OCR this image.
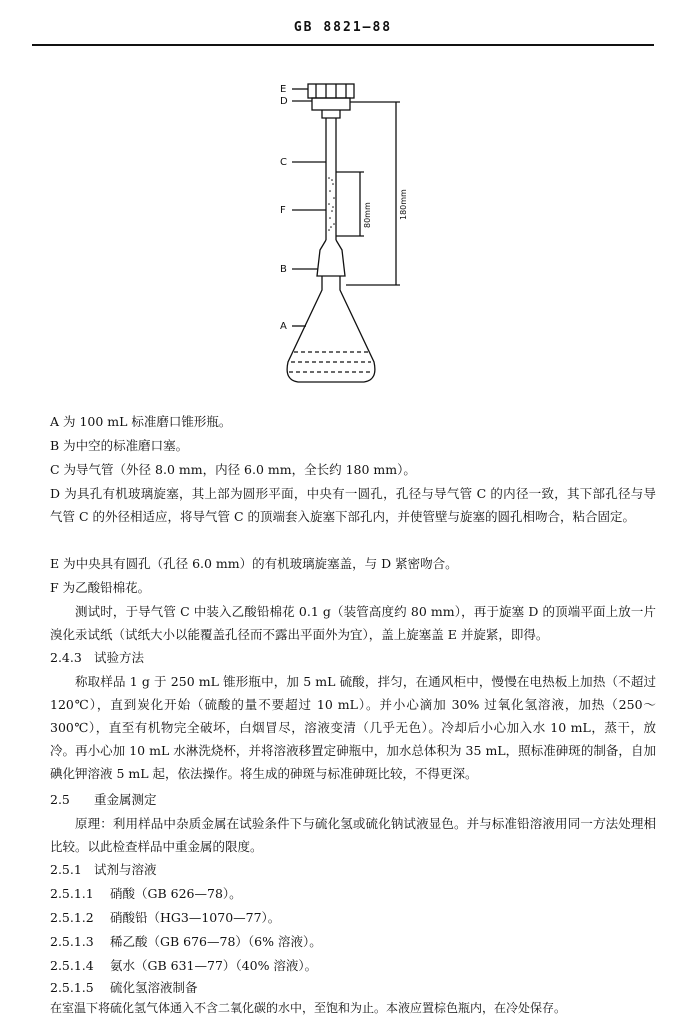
GB 8821—88
E
D
C
F
B
A
80mm	180mm

A 为 100 mL 标准磨口锥形瓶。

B 为中空的标准磨口塞。

C 为导气管（外径 8.0 mm，内径 6.0 mm，全长约 180 mm）。

D 为具孔有机玻璃旋塞，其上部为圆形平面，中央有一圆孔，孔径与导气管 C 的内径一致，其下部孔径与导气管 C 的外径相适应，将导气管 C 的顶端套入旋塞下部孔内，并使管壁与旋塞的圆孔相吻合，粘合固定。

E 为中央具有圆孔（孔径 6.0 mm）的有机玻璃旋塞盖，与 D 紧密吻合。

F 为乙酸铅棉花。

测试时，于导气管 C 中装入乙酸铅棉花 0.1 g（装管高度约 80 mm），再于旋塞 D 的顶端平面上放一片溴化汞试纸（试纸大小以能覆盖孔径而不露出平面外为宜），盖上旋塞盖 E 并旋紧，即得。

2.4.3 试验方法

称取样品 1 g 于 250 mL 锥形瓶中，加 5 mL 硫酸，拌匀，在通风柜中，慢慢在电热板上加热（不超过 120℃），直到炭化开始（硫酸的量不要超过 10 mL）。并小心滴加 30% 过氧化氢溶液，加热（250～300℃），直至有机物完全破坏，白烟冒尽，溶液变清（几乎无色）。冷却后小心加入水 10 mL，蒸干，放冷。再小心加 10 mL 水淋洗烧杯，并将溶液移置定砷瓶中，加水总体积为 35 mL，照标准砷斑的制备，自加碘化钾溶液 5 mL 起，依法操作。将生成的砷斑与标准砷斑比较，不得更深。

2.5 重金属测定

原理：利用样品中杂质金属在试验条件下与硫化氢或硫化钠试液显色。并与标准铅溶液用同一方法处理相比较。以此检查样品中重金属的限度。

2.5.1 试剂与溶液

2.5.1.1 硝酸（GB 626—78）。

2.5.1.2 硝酸铅（HG3—1070—77）。

2.5.1.3 稀乙酸（GB 676—78）（6% 溶液）。

2.5.1.4 氨水（GB 631—77）（40% 溶液）。

2.5.1.5 硫化氢溶液制备

在室温下将硫化氢气体通入不含二氧化碳的水中，至饱和为止。本液应置棕色瓶内，在冷处保存。
